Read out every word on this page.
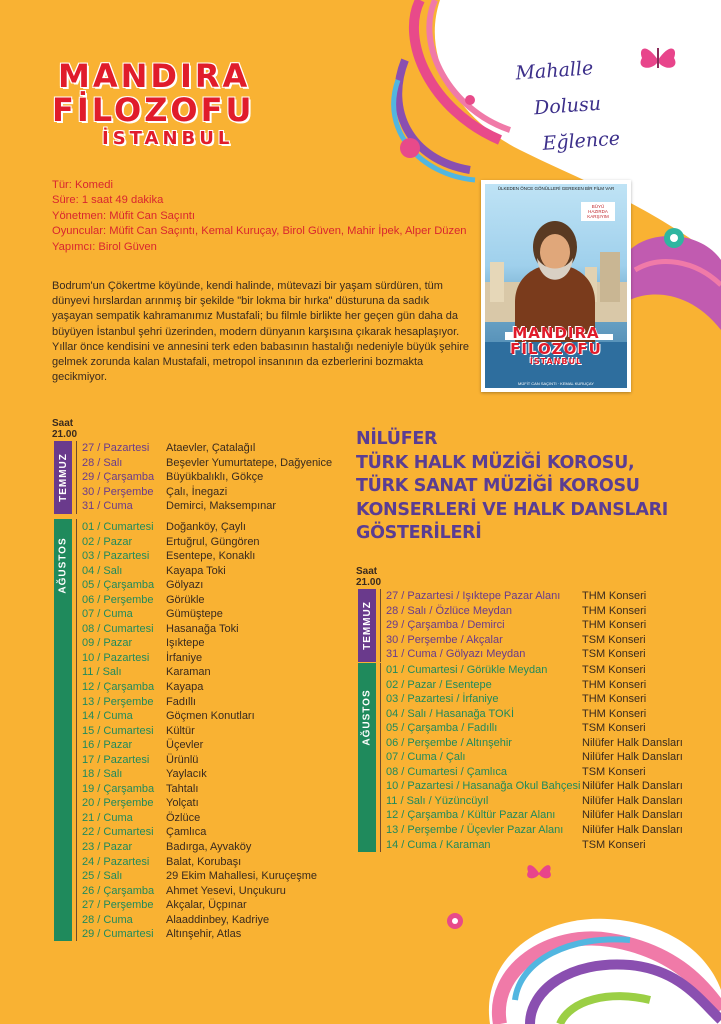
MANDIRA
FİLOZOFU
İSTANBUL
Mahalle
Dolusu
Eğlence
Tür: Komedi
Süre: 1 saat 49 dakika
Yönetmen: Müfit Can Saçıntı
Oyuncular: Müfit Can Saçıntı, Kemal Kuruçay, Birol Güven, Mahir İpek, Alper Düzen
Yapımcı: Birol Güven
Bodrum'un Çökertme köyünde, kendi halinde, mütevazi bir yaşam sürdüren, tüm dünyevi hırslardan arınmış bir şekilde "bir lokma bir hırka" düsturuna da sadık yaşayan sempatik kahramanımız Mustafali; bu filmle birlikte her geçen gün daha da büyüyen İstanbul şehri üzerinden, modern dünyanın karşısına çıkarak hesaplaşıyor. Yıllar önce kendisini ve annesini terk eden babasının hastalığı nedeniyle büyük şehire gelmek zorunda kalan Mustafali, metropol insanının da ezberlerini bozmakta gecikmiyor.
ÜLKEDEN ÖNCE GÖNÜLLERİ GEREKEN BİR FİLM VAR
BÜYÜ HAZIRDA KARŞIYIM
MANDIRA
FİLOZOFU
İSTANBUL
MÜFİT CAN SAÇINTI · KEMAL KURUÇAY
Saat
21.00
TEMMUZ
AĞUSTOS
27 / Pazartesi Ataevler, Çatalağıl
28 / Salı	Beşevler Yumurtatepe, Dağyenice
29 / Çarşamba Büyükbalıklı, Gökçe
30 / Perşembe Çalı, İnegazi
31 / Cuma	Demirci, Maksempınar
01 / Cumartesi Doğanköy, Çaylı
02 / Pazar	Ertuğrul, Güngören
03 / Pazartesi Esentepe, Konaklı
04 / Salı	Kayapa Toki
05 / Çarşamba Gölyazı
06 / Perşembe Görükle
07 / Cuma	Gümüştepe
08 / Cumartesi Hasanağa Toki
09 / Pazar	Işıktepe
10 / Pazartesi İrfaniye
11 / Salı	Karaman
12 / Çarşamba Kayapa
13 / Perşembe Fadıllı
14 / Cuma	Göçmen Konutları
15 / Cumartesi Kültür
16 / Pazar	Üçevler
17 / Pazartesi Ürünlü
18 / Salı	Yaylacık
19 / Çarşamba Tahtalı
20 / Perşembe Yolçatı
21 / Cuma	Özlüce
22 / Cumartesi Çamlıca
23 / Pazar	Badırga, Ayvaköy
24 / Pazartesi Balat, Korubaşı
25 / Salı	29 Ekim Mahallesi, Kuruçeşme
26 / Çarşamba Ahmet Yesevi, Unçukuru
27 / Perşembe Akçalar, Üçpınar
28 / Cuma	Alaaddinbey, Kadriye
29 / Cumartesi Altınşehir, Atlas
NİLÜFER
TÜRK HALK MÜZİĞİ KOROSU,
TÜRK SANAT MÜZİĞİ KOROSU
KONSERLERİ VE HALK DANSLARI
GÖSTERİLERİ
Saat
21.00
TEMMUZ
AĞUSTOS
27 / Pazartesi / Işıktepe Pazar Alanı THM Konseri
28 / Salı / Özlüce Meydan	THM Konseri
29 / Çarşamba / Demirci	THM Konseri
30 / Perşembe / Akçalar	TSM Konseri
31 / Cuma / Gölyazı Meydan	TSM Konseri
01 / Cumartesi / Görükle Meydan	TSM Konseri
02 / Pazar / Esentepe	THM Konseri
03 / Pazartesi / İrfaniye	THM Konseri
04 / Salı / Hasanağa TOKİ	THM Konseri
05 / Çarşamba / Fadıllı	TSM Konseri
06 / Perşembe / Altınşehir	Nilüfer Halk Dansları
07 / Cuma / Çalı	Nilüfer Halk Dansları
08 / Cumartesi / Çamlıca	TSM Konseri
10 / Pazartesi / Hasanağa Okul Bahçesi Nilüfer Halk Dansları
11 / Salı / Yüzüncüyıl	Nilüfer Halk Dansları
12 / Çarşamba / Kültür Pazar Alanı Nilüfer Halk Dansları
13 / Perşembe / Üçevler Pazar Alanı Nilüfer Halk Dansları
14 / Cuma / Karaman	TSM Konseri
